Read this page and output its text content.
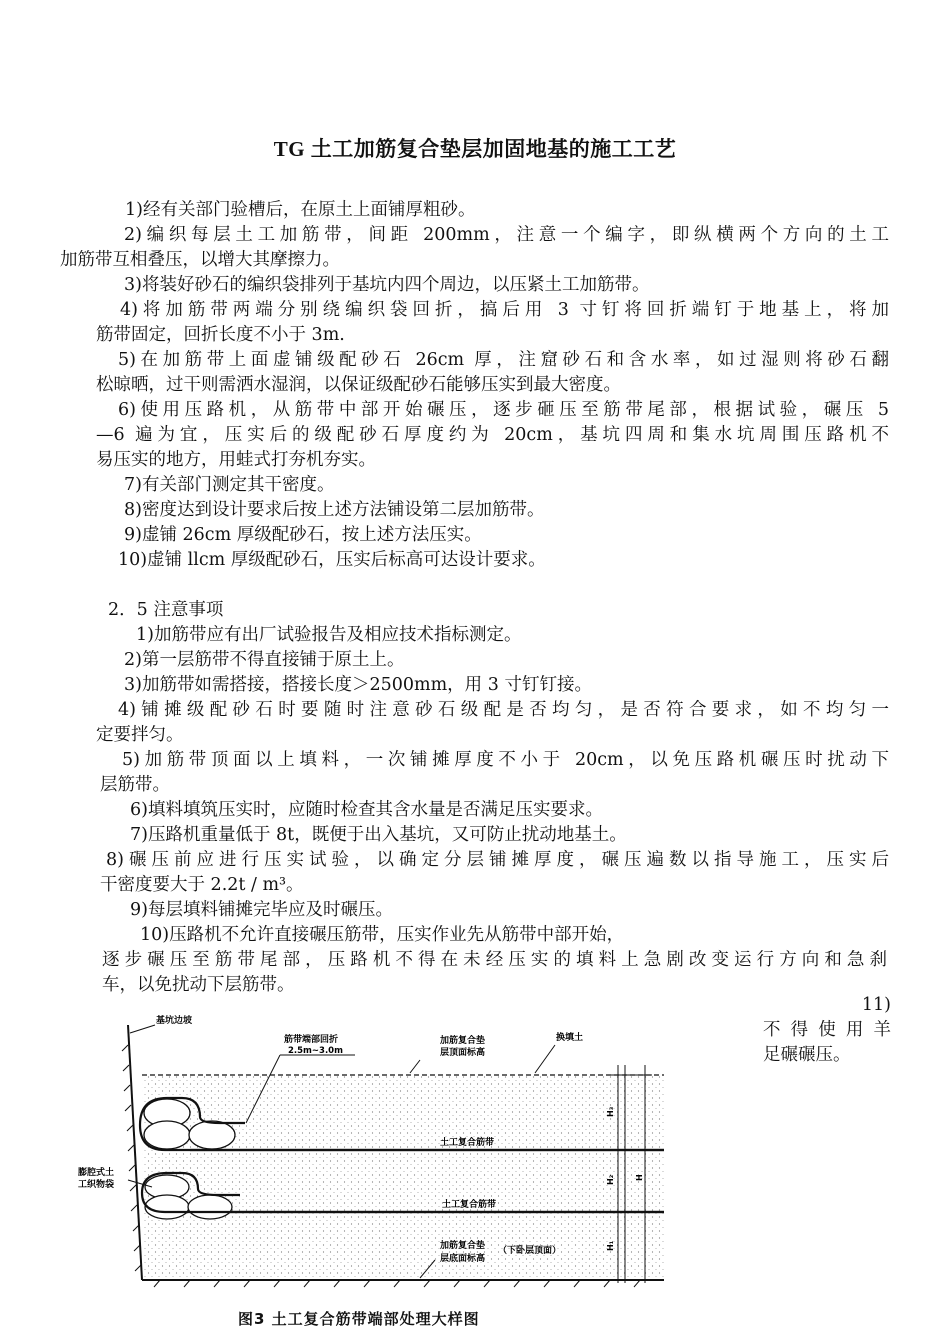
TG 土工加筋复合垫层加固地基的施工工艺
1)经有关部门验槽后，在原土上面铺厚粗砂。
2)编织每层土工加筋带，间距 200mm，注意一个编字，即纵横两个方向的土工
加筋带互相叠压，以增大其摩擦力。
3)将装好砂石的编织袋排列于基坑内四个周边，以压紧土工加筋带。
4)将加筋带两端分别绕编织袋回折，搞后用 3 寸钉将回折端钉于地基上，将加
筋带固定，回折长度不小于 3m.
5)在加筋带上面虚铺级配砂石 26cm 厚，注窟砂石和含水率，如过湿则将砂石翻
松晾晒，过干则需洒水湿润，以保证级配砂石能够压实到最大密度。
6)使用压路机，从筋带中部开始碾压，逐步砸压至筋带尾部，根据试验，碾压 5
—6 遍为宜，压实后的级配砂石厚度约为 20cm，基坑四周和集水坑周围压路机不
易压实的地方，用蛙式打夯机夯实。
7)有关部门测定其干密度。
8)密度达到设计要求后按上述方法铺设第二层加筋带。
9)虚铺 26cm 厚级配砂石，按上述方法压实。
10)虚铺 llcm 厚级配砂石，压实后标高可达设计要求。
2．5 注意事项
1)加筋带应有出厂试验报告及相应技术指标测定。
2)第一层筋带不得直接铺于原土上。
3)加筋带如需搭接，搭接长度＞2500mm，用 3 寸钉钉接。
4)铺摊级配砂石时要随时注意砂石级配是否均匀，是否符合要求，如不均匀一
定要拌匀。
5)加筋带顶面以上填料，一次铺摊厚度不小于 20cm，以免压路机碾压时扰动下
层筋带。
6)填料填筑压实时，应随时检查其含水量是否满足压实要求。
7)压路机重量低于 8t，既便于出入基坑，又可防止扰动地基土。
8)碾压前应进行压实试验，以确定分层铺摊厚度，碾压遍数以指导施工，压实后
干密度要大于 2.2t / m³。
9)每层填料铺摊完毕应及时碾压。
10)压路机不允许直接碾压筋带，压实作业先从筋带中部开始，
逐步碾压至筋带尾部，压路机不得在未经压实的填料上急剧改变运行方向和急刹
车，以免扰动下层筋带。
11)
不得使用羊
足碾碾压。
基坑边坡
筋带端部回折
2.5m~3.0m
加筋复合垫
层顶面标高
换填土
土工复合筋带
土工复合筋带
膨腔式土
工织物袋
加筋复合垫
层底面标高
（下卧层顶面）
H₃
H₂
H₁
H
图3 土工复合筋带端部处理大样图
